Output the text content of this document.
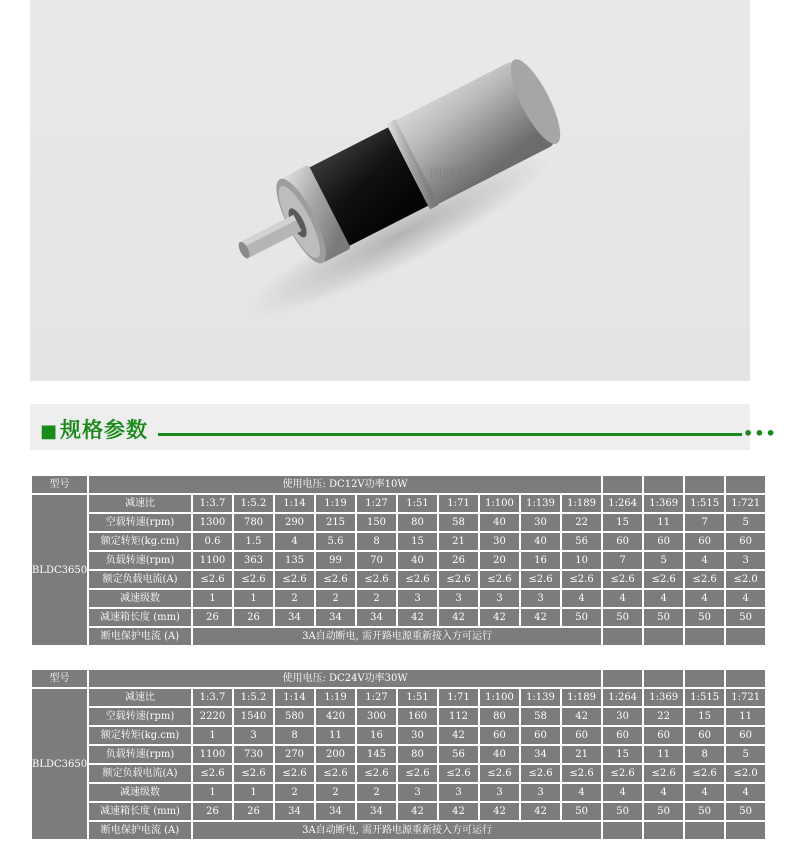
凯欣机电
■规格参数	•••
型号	使用电压: DC12V功率10W														
BLDC3650	减速比	1:3.7	1:5.2	1:14	1:19	1:27	1:51	1:71	1:100	1:139	1:189	1:264	1:369	1:515	1:721
	空载转速(rpm)	1300	780	290	215	150	80	58	40	30	22	15	11	7	5
	额定转矩(kg.cm)	0.6	1.5	4	5.6	8	15	21	30	40	56	60	60	60	60
	负载转速(rpm)	1100	363	135	99	70	40	26	20	16	10	7	5	4	3
	额定负载电流(A)	≤2.6	≤2.6	≤2.6	≤2.6	≤2.6	≤2.6	≤2.6	≤2.6	≤2.6	≤2.6	≤2.6	≤2.6	≤2.6	≤2.0
	减速级数	1	1	2	2	2	3	3	3	3	4	4	4	4	4
	减速箱长度 (mm)	26	26	34	34	34	42	42	42	42	50	50	50	50	50
	断电保护电流 (A)	3A自动断电, 需开路电源重新接入方可运行													
型号	使用电压: DC24V功率30W														
BLDC3650	减速比	1:3.7	1:5.2	1:14	1:19	1:27	1:51	1:71	1:100	1:139	1:189	1:264	1:369	1:515	1:721
	空载转速(rpm)	2220	1540	580	420	300	160	112	80	58	42	30	22	15	11
	额定转矩(kg.cm)	1	3	8	11	16	30	42	60	60	60	60	60	60	60
	负载转速(rpm)	1100	730	270	200	145	80	56	40	34	21	15	11	8	5
	额定负载电流(A)	≤2.6	≤2.6	≤2.6	≤2.6	≤2.6	≤2.6	≤2.6	≤2.6	≤2.6	≤2.6	≤2.6	≤2.6	≤2.6	≤2.0
	减速级数	1	1	2	2	2	3	3	3	3	4	4	4	4	4
	减速箱长度 (mm)	26	26	34	34	34	42	42	42	42	50	50	50	50	50
	断电保护电流 (A)	3A自动断电, 需开路电源重新接入方可运行													
